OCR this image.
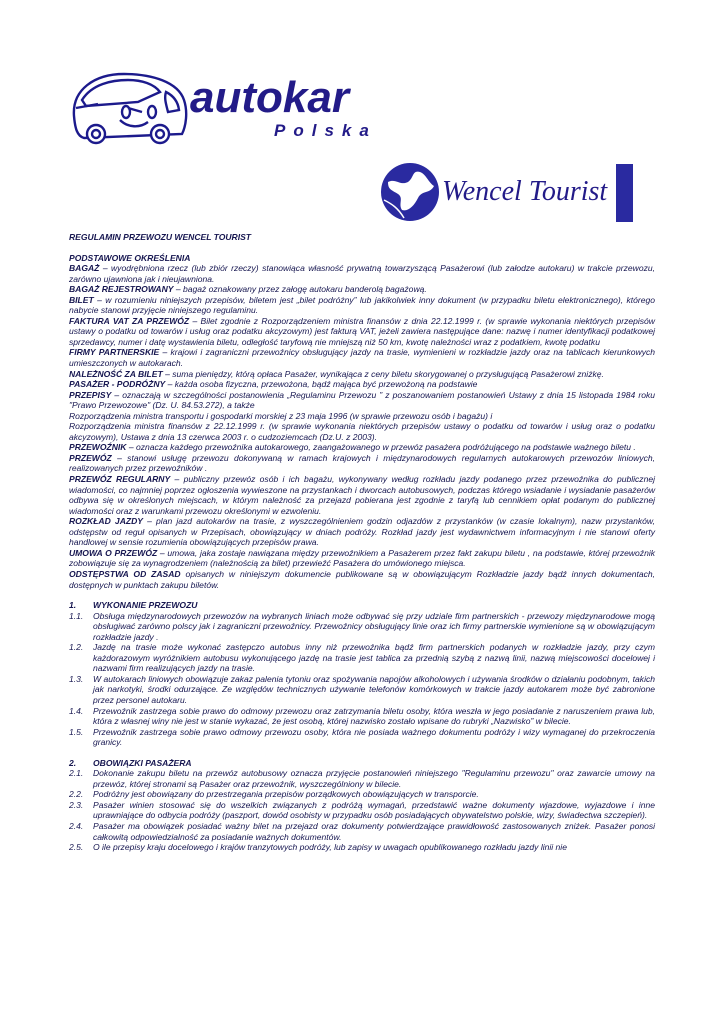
autokar
Polska
Wencel Tourist

REGULAMIN PRZEWOZU WENCEL TOURIST

PODSTAWOWE OKREŚLENIA

BAGAŻ – wyodrębniona rzecz (lub zbiór rzeczy) stanowiąca własność prywatną towarzyszącą Pasażerowi (lub załodze autokaru) w trakcie przewozu, zarówno ujawniona jak i nieujawniona.

BAGAŻ REJESTROWANY – bagaż oznakowany przez załogę autokaru banderolą bagażową.

BILET – w rozumieniu niniejszych przepisów, biletem jest „bilet podróżny” lub jakikolwiek inny dokument (w przypadku biletu elektronicznego), którego nabycie stanowi przyjęcie niniejszego regulaminu.

FAKTURA VAT ZA PRZEWÓZ – Bilet zgodnie z Rozporządzeniem ministra finansów z dnia 22.12.1999 r. (w sprawie wykonania niektórych przepisów ustawy o podatku od towarów i usług oraz podatku akcyzowym) jest fakturą VAT, jeżeli zawiera następujące dane: nazwę i numer identyfikacji podatkowej sprzedawcy, numer i datę wystawienia biletu, odległość taryfową nie mniejszą niż 50 km, kwotę należności wraz z podatkiem, kwotę podatku

FIRMY PARTNERSKIE – krajowi i zagraniczni przewoźnicy obsługujący jazdy na trasie, wymienieni w rozkładzie jazdy oraz na tablicach kierunkowych umieszczonych w autokarach.

NALEŻNOŚĆ ZA BILET – suma pieniędzy, którą opłaca Pasażer, wynikająca z ceny biletu skorygowanej o przysługującą Pasażerowi zniżkę.

PASAŻER - PODRÓŻNY – każda osoba fizyczna, przewożona, bądź mająca być przewożoną na podstawie

PRZEPISY – oznaczają w szczególności postanowienia „Regulaminu Przewozu ” z poszanowaniem postanowień Ustawy z dnia 15 listopada 1984 roku "Prawo Przewozowe" (Dz. U. 84.53.272), a także

Rozporządzenia ministra transportu i gospodarki morskiej z 23 maja 1996 (w sprawie przewozu osób i bagażu) i

Rozporządzenia ministra finansów z 22.12.1999 r. (w sprawie wykonania niektórych przepisów ustawy o podatku od towarów i usług oraz o podatku akcyzowym), Ustawa z dnia 13 czerwca 2003 r. o cudzoziemcach (Dz.U. z 2003).

PRZEWOŹNIK – oznacza każdego przewoźnika autokarowego, zaangażowanego w przewóz pasażera podróżującego na podstawie ważnego biletu .

PRZEWÓZ – stanowi usługę przewozu dokonywaną w ramach krajowych i międzynarodowych regularnych autokarowych przewozów liniowych, realizowanych przez przewoźników .

PRZEWÓZ REGULARNY – publiczny przewóz osób i ich bagażu, wykonywany według rozkładu jazdy podanego przez przewoźnika do publicznej wiadomości, co najmniej poprzez ogłoszenia wywieszone na przystankach i dworcach autobusowych, podczas którego wsiadanie i wysiadanie pasażerów odbywa się w określonych miejscach, w którym należność za przejazd pobierana jest zgodnie z taryfą lub cennikiem opłat podanym do publicznej wiadomości oraz z warunkami przewozu określonymi w ezwoleniu.

ROZKŁAD JAZDY – plan jazd autokarów na trasie, z wyszczególnieniem godzin odjazdów z przystanków (w czasie lokalnym), nazw przystanków, odstępstw od reguł opisanych w Przepisach, obowiązujący w dniach podróży. Rozkład jazdy jest wydawnictwem informacyjnym i nie stanowi oferty handlowej w sensie rozumienia obowiązujących przepisów prawa.

UMOWA O PRZEWÓZ – umowa, jaka zostaje nawiązana między przewoźnikiem a Pasażerem przez fakt zakupu biletu , na podstawie, której przewoźnik zobowiązuje się za wynagrodzeniem (należnością za bilet) przewieźć Pasażera do umówionego miejsca.

ODSTĘPSTWA OD ZASAD opisanych w niniejszym dokumencie publikowane są w obowiązującym Rozkładzie jazdy bądź innych dokumentach, dostępnych w punktach zakupu biletów.

1.	WYKONANIE PRZEWOZU
1.1.	Obsługa międzynarodowych przewozów na wybranych liniach może odbywać się przy udziale firm partnerskich - przewozy międzynarodowe mogą obsługiwać zarówno polscy jak i zagraniczni przewoźnicy. Przewoźnicy obsługujący linie oraz ich firmy partnerskie wymienione są w obowiązującym rozkładzie jazdy .
1.2.	Jazdę na trasie może wykonać zastępczo autobus inny niż przewoźnika bądź firm partnerskich podanych w rozkładzie jazdy, przy czym każdorazowym wyróżnikiem autobusu wykonującego jazdę na trasie jest tablica za przednią szybą z nazwą linii, nazwą miejscowości docelowej i nazwami firm realizujących jazdy na trasie.
1.3.	W autokarach liniowych obowiązuje zakaz palenia tytoniu oraz spożywania napojów alkoholowych i używania środków o działaniu podobnym, takich jak narkotyki, środki odurzające. Ze względów technicznych używanie telefonów komórkowych w trakcie jazdy autokarem może być zabronione przez personel autokaru.
1.4.	Przewoźnik zastrzega sobie prawo do odmowy przewozu oraz zatrzymania biletu osoby, która weszła w jego posiadanie z naruszeniem prawa lub, która z własnej winy nie jest w stanie wykazać, że jest osobą, której nazwisko zostało wpisane do rubryki „Nazwisko” w bilecie.
1.5.	Przewoźnik zastrzega sobie prawo odmowy przewozu osoby, która nie posiada ważnego dokumentu podróży i wizy wymaganej do przekroczenia granicy.
2.	OBOWIĄZKI PASAŻERA
2.1.	Dokonanie zakupu biletu na przewóz autobusowy oznacza przyjęcie postanowień niniejszego "Regulaminu przewozu" oraz zawarcie umowy na przewóz, której stronami są Pasażer oraz przewoźnik, wyszczególniony w bilecie.
2.2.	Podróżny jest obowiązany do przestrzegania przepisów porządkowych obowiązujących w transporcie.
2.3.	Pasażer winien stosować się do wszelkich związanych z podróżą wymagań, przedstawić ważne dokumenty wjazdowe, wyjazdowe i inne uprawniające do odbycia podróży (paszport, dowód osobisty w przypadku osób posiadających obywatelstwo polskie, wizy, świadectwa szczepień).
2.4.	Pasażer ma obowiązek posiadać ważny bilet na przejazd oraz dokumenty potwierdzające prawidłowość zastosowanych zniżek. Pasażer ponosi całkowitą odpowiedzialność za posiadanie ważnych dokumentów.
2.5.	O ile przepisy kraju docelowego i krajów tranzytowych podróży, lub zapisy w uwagach opublikowanego rozkładu jazdy linii nie
